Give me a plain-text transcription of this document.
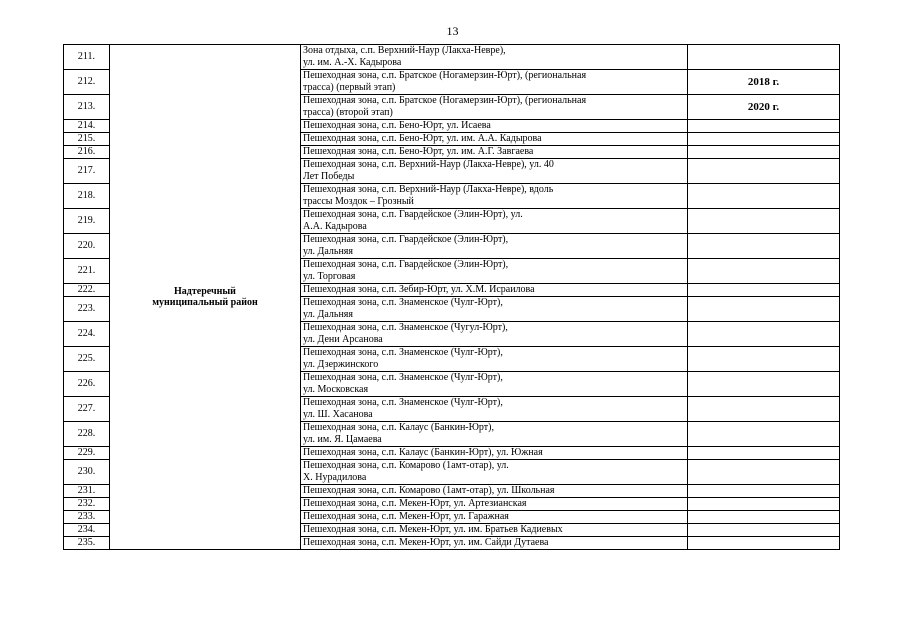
13
211.	Надтеречный
муниципальный район	Зона отдыха, с.п. Верхний-Наур (Лакха-Невре),
ул. им. А.-Х. Кадырова	
212.		Пешеходная зона, с.п. Братское (Ногамерзин-Юрт), (региональная
трасса) (первый этап)	2018 г.
213.		Пешеходная зона, с.п. Братское (Ногамерзин-Юрт), (региональная
трасса) (второй этап)	2020 г.
214.		Пешеходная зона, с.п. Бено-Юрт, ул. Исаева	
215.		Пешеходная зона, с.п. Бено-Юрт, ул. им. А.А. Кадырова	
216.		Пешеходная зона, с.п. Бено-Юрт, ул. им. А.Г. Завгаева	
217.		Пешеходная зона, с.п. Верхний-Наур (Лакха-Невре), ул. 40
Лет Победы	
218.		Пешеходная зона, с.п. Верхний-Наур (Лакха-Невре), вдоль
трассы Моздок – Грозный	
219.		Пешеходная зона, с.п. Гвардейское (Элин-Юрт), ул.
А.А. Кадырова	
220.		Пешеходная зона, с.п. Гвардейское (Элин-Юрт),
ул. Дальняя	
221.		Пешеходная зона, с.п. Гвардейское (Элин-Юрт),
ул. Торговая	
222.		Пешеходная зона, с.п. Зебир-Юрт, ул. Х.М. Исраилова	
223.		Пешеходная зона, с.п. Знаменское (Чулг-Юрт),
ул. Дальняя	
224.		Пешеходная зона, с.п. Знаменское (Чугул-Юрт),
ул. Дени Арсанова	
225.		Пешеходная зона, с.п. Знаменское (Чулг-Юрт),
ул. Дзержинского	
226.		Пешеходная зона, с.п. Знаменское (Чулг-Юрт),
ул. Московская	
227.		Пешеходная зона, с.п. Знаменское (Чулг-Юрт),
ул. Ш. Хасанова	
228.		Пешеходная зона, с.п. Калаус (Банкин-Юрт),
ул. им. Я. Цамаева	
229.		Пешеходная зона, с.п. Калаус (Банкин-Юрт), ул. Южная	
230.		Пешеходная зона, с.п. Комарово (1амт-отар), ул.
Х. Нурадилова	
231.		Пешеходная зона, с.п. Комарово (1амт-отар), ул. Школьная	
232.		Пешеходная зона, с.п. Мекен-Юрт, ул. Артезианская	
233.		Пешеходная зона, с.п. Мекен-Юрт, ул. Гаражная	
234.		Пешеходная зона, с.п. Мекен-Юрт, ул. им. Братьев Кадиевых	
235.		Пешеходная зона, с.п. Мекен-Юрт, ул. им. Сайди Дутаева	
